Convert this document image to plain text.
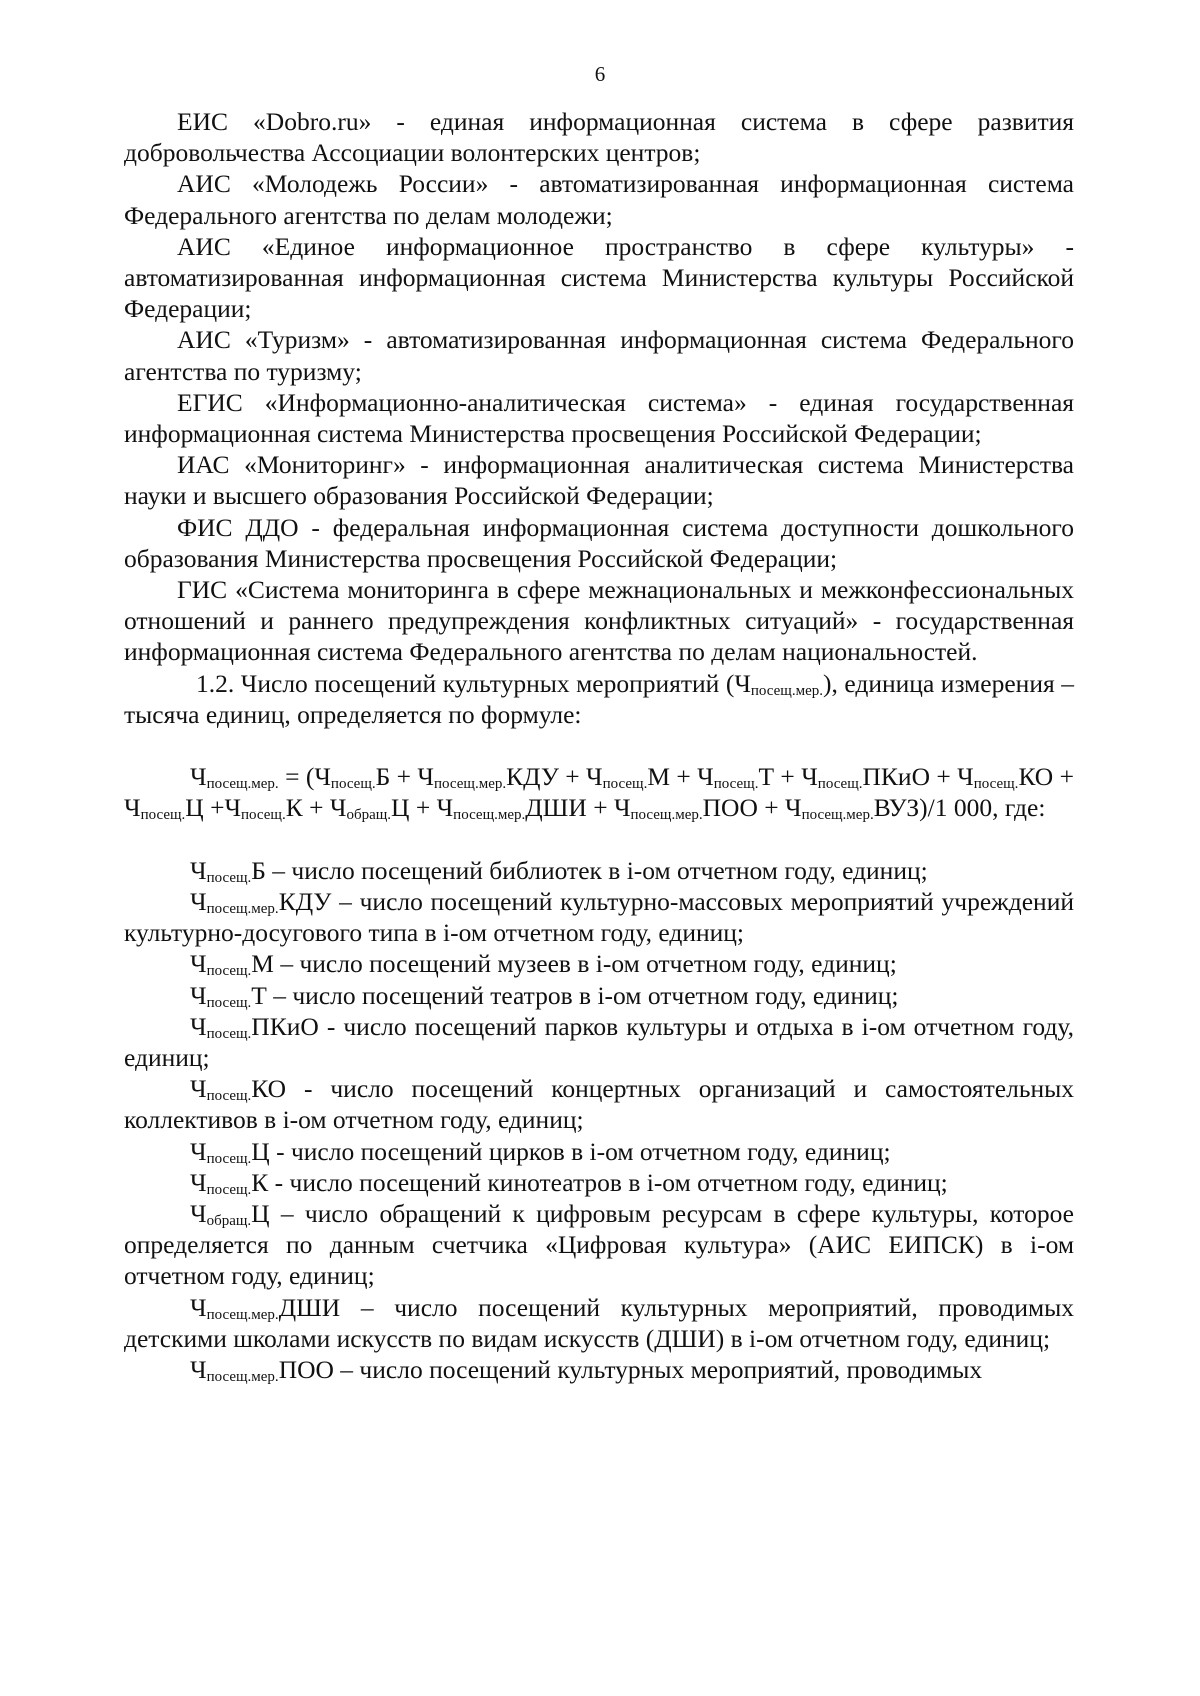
6

ЕИС «Dobro.ru» - единая информационная система в сфере развития добровольчества Ассоциации волонтерских центров;

АИС «Молодежь России» - автоматизированная информационная система Федерального агентства по делам молодежи;

АИС «Единое информационное пространство в сфере культуры» - автоматизированная информационная система Министерства культуры Российской Федерации;

АИС «Туризм» - автоматизированная информационная система Федерального агентства по туризму;

ЕГИС «Информационно-аналитическая система» - единая государственная информационная система Министерства просвещения Российской Федерации;

ИАС «Мониторинг» - информационная аналитическая система Министерства науки и высшего образования Российской Федерации;

ФИС ДДО - федеральная информационная система доступности дошкольного образования Министерства просвещения Российской Федерации;

ГИС «Система мониторинга в сфере межнациональных и межконфессиональных отношений и раннего предупреждения конфликтных ситуаций» - государственная информационная система Федерального агентства по делам национальностей.

1.2. Число посещений культурных мероприятий $(Ч_{посещ.мер.})$, единица измерения – тысяча единиц, определяется по формуле:

$Ч_{посещ.мер.} = (Ч_{посещ.}Б + Ч_{посещ.мер.}КДУ + Ч_{посещ.}М + Ч_{посещ.}Т$ + $Ч_{посещ.}ПКиО + Ч_{посещ.}КО + Ч_{посещ.}Ц +Ч_{посещ.}К + Ч_{обращ.}Ц + Ч_{посещ.мер.}ДШИ + Ч_{посещ.мер.}ПОО + Ч_{посещ.мер.}ВУЗ)/1$ 000, где:

$Ч_{посещ.}Б$ – число посещений библиотек в i-ом отчетном году, единиц;

$Ч_{посещ.мер.}КДУ$ – число посещений культурно-массовых мероприятий учреждений культурно-досугового типа в i-ом отчетном году, единиц;

$Ч_{посещ.}М$ – число посещений музеев в i-ом отчетном году, единиц;

$Ч_{посещ.}Т$ – число посещений театров в i-ом отчетном году, единиц;

$Ч_{посещ.}ПКиО$ - число посещений парков культуры и отдыха в i-ом отчетном году, единиц;

$Ч_{посещ.}КО$ - число посещений концертных организаций и самостоятельных коллективов в i-ом отчетном году, единиц;

$Ч_{посещ.}Ц$ - число посещений цирков в i-ом отчетном году, единиц;

$Ч_{посещ.}К$ - число посещений кинотеатров в i-ом отчетном году, единиц;

$Ч_{обращ.}Ц$ – число обращений к цифровым ресурсам в сфере культуры, которое определяется по данным счетчика «Цифровая культура» (АИС ЕИПСК) в i-ом отчетном году, единиц;

$Ч_{посещ.мер.}ДШИ$ – число посещений культурных мероприятий, проводимых детскими школами искусств по видам искусств (ДШИ) в i-ом отчетном году, единиц;

$Ч_{посещ.мер.}ПОО$ – число посещений культурных мероприятий, проводимых
